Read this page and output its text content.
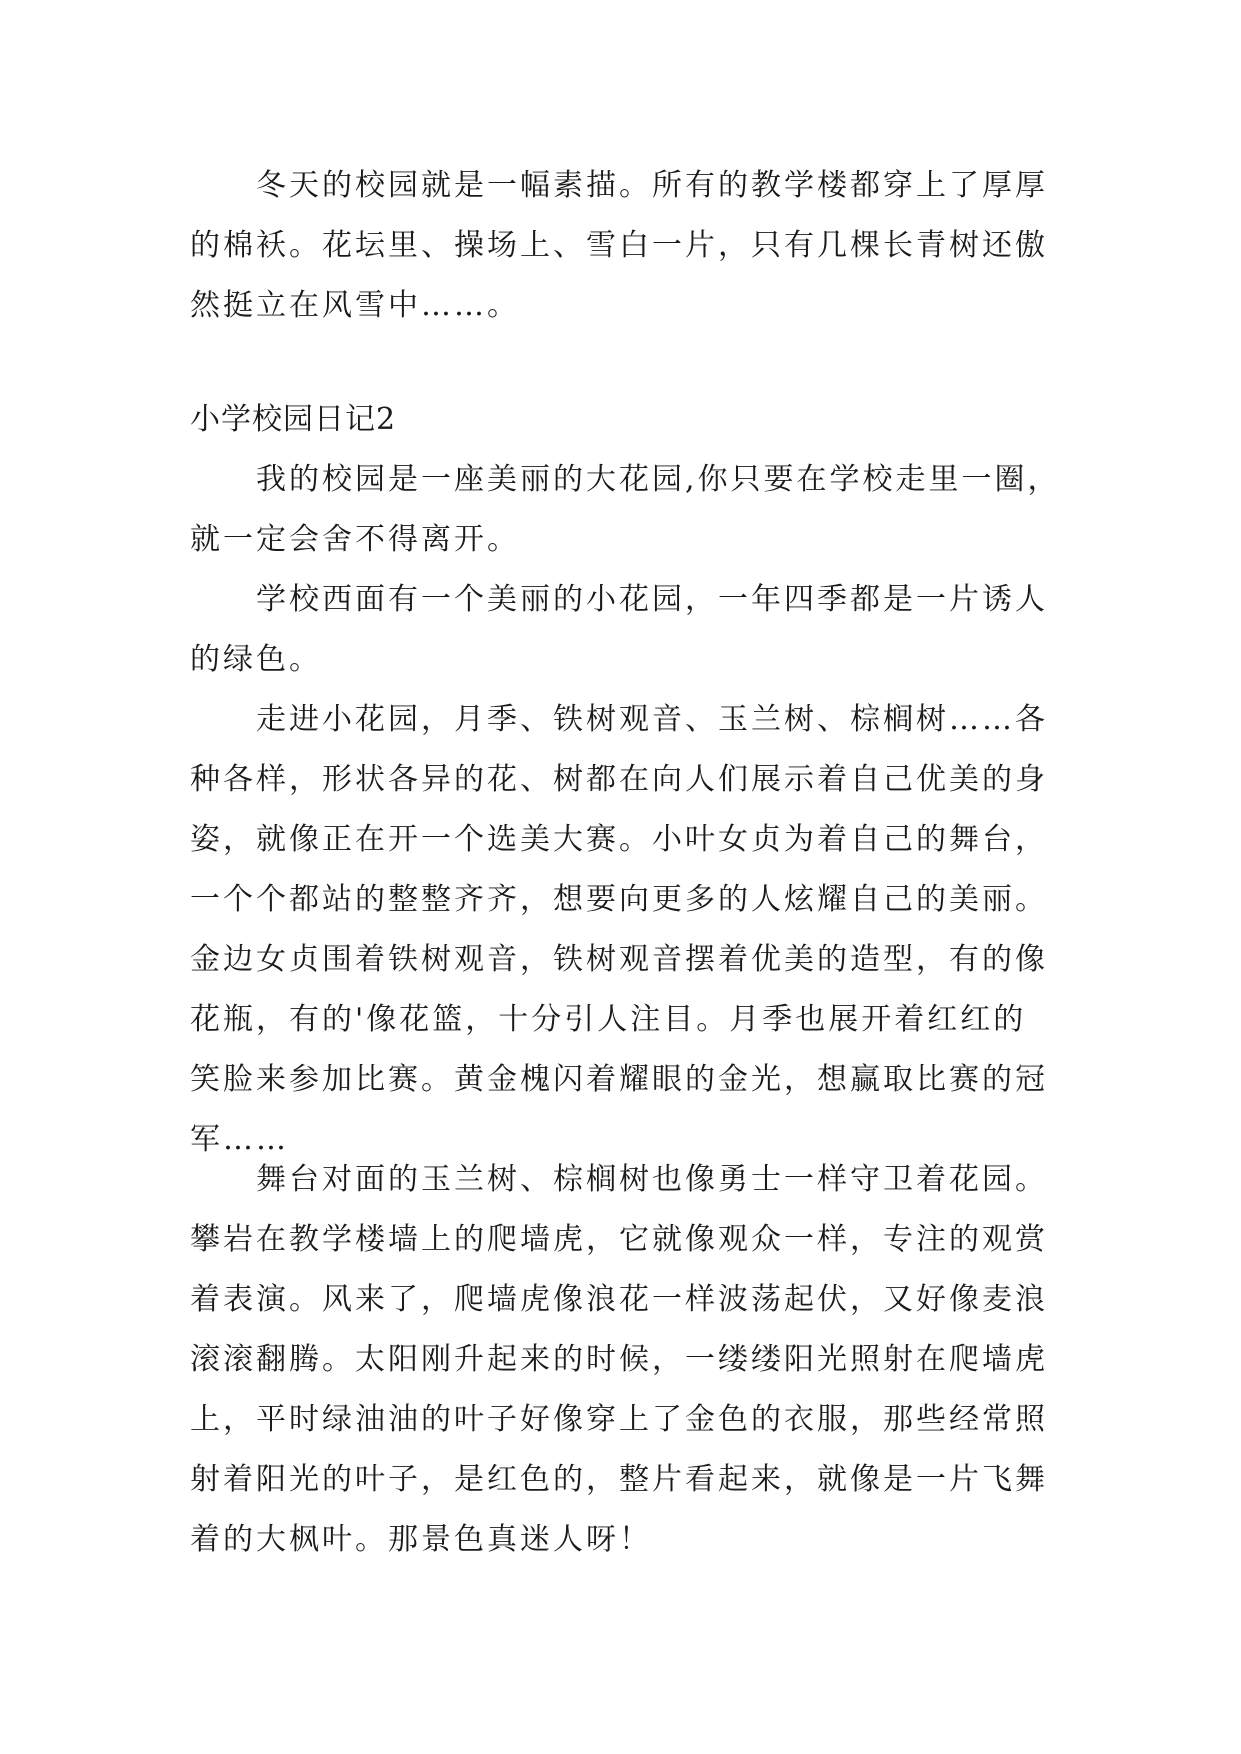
冬天的校园就是一幅素描。所有的教学楼都穿上了厚厚
的棉袄。花坛里、操场上、雪白一片，只有几棵长青树还傲
然挺立在风雪中……。
小学校园日记2
我的校园是一座美丽的大花园,你只要在学校走里一圈，
就一定会舍不得离开。
学校西面有一个美丽的小花园，一年四季都是一片诱人
的绿色。
走进小花园，月季、铁树观音、玉兰树、棕榈树……各
种各样，形状各异的花、树都在向人们展示着自己优美的身
姿，就像正在开一个选美大赛。小叶女贞为着自己的舞台，
一个个都站的整整齐齐，想要向更多的人炫耀自己的美丽。
金边女贞围着铁树观音，铁树观音摆着优美的造型，有的像
花瓶，有的'像花篮，十分引人注目。月季也展开着红红的
笑脸来参加比赛。黄金槐闪着耀眼的金光，想赢取比赛的冠
军……
舞台对面的玉兰树、棕榈树也像勇士一样守卫着花园。
攀岩在教学楼墙上的爬墙虎，它就像观众一样，专注的观赏
着表演。风来了，爬墙虎像浪花一样波荡起伏，又好像麦浪
滚滚翻腾。太阳刚升起来的时候，一缕缕阳光照射在爬墙虎
上，平时绿油油的叶子好像穿上了金色的衣服，那些经常照
射着阳光的叶子，是红色的，整片看起来，就像是一片飞舞
着的大枫叶。那景色真迷人呀！
